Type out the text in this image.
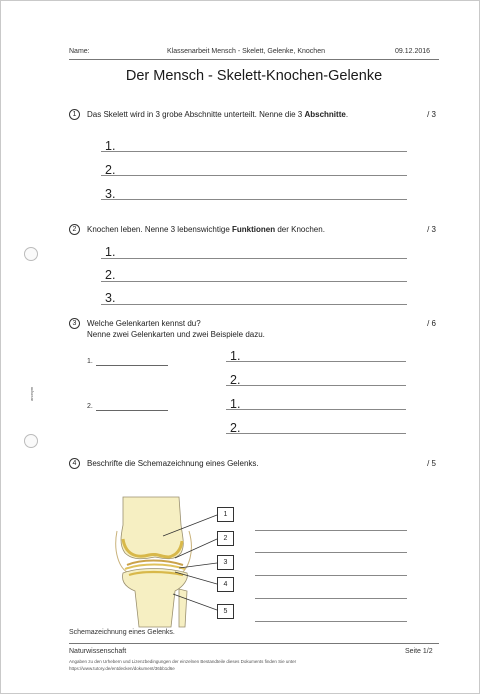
anonym
Name:	Klassenarbeit Mensch - Skelett, Gelenke, Knochen	09.12.2016
Der Mensch - Skelett-Knochen-Gelenke
1	Das Skelett wird in 3 grobe Abschnitte unterteilt. Nenne die 3 Abschnitte.	/ 3
1.
2.
3.
2	Knochen leben. Nenne 3 lebenswichtige Funktionen der Knochen.	/ 3
1.
2.
3.
3	Welche Gelenkarten kennst du?
Nenne zwei Gelenkarten und zwei Beispiele dazu.
/ 6
1.
2.
1.
2.
1.
2.
4	Beschrifte die Schemazeichnung eines Gelenks.	/ 5
1
2
3
4
5
Schemazeichnung eines Gelenks.
Naturwissenschaft	Seite 1/2
Angaben zu den Urhebern und Lizenzbedingungen der einzelnen Bestandteile dieses Dokuments finden Sie unter
https://www.tutory.de/entdecken/dokument/36bb1d6e
